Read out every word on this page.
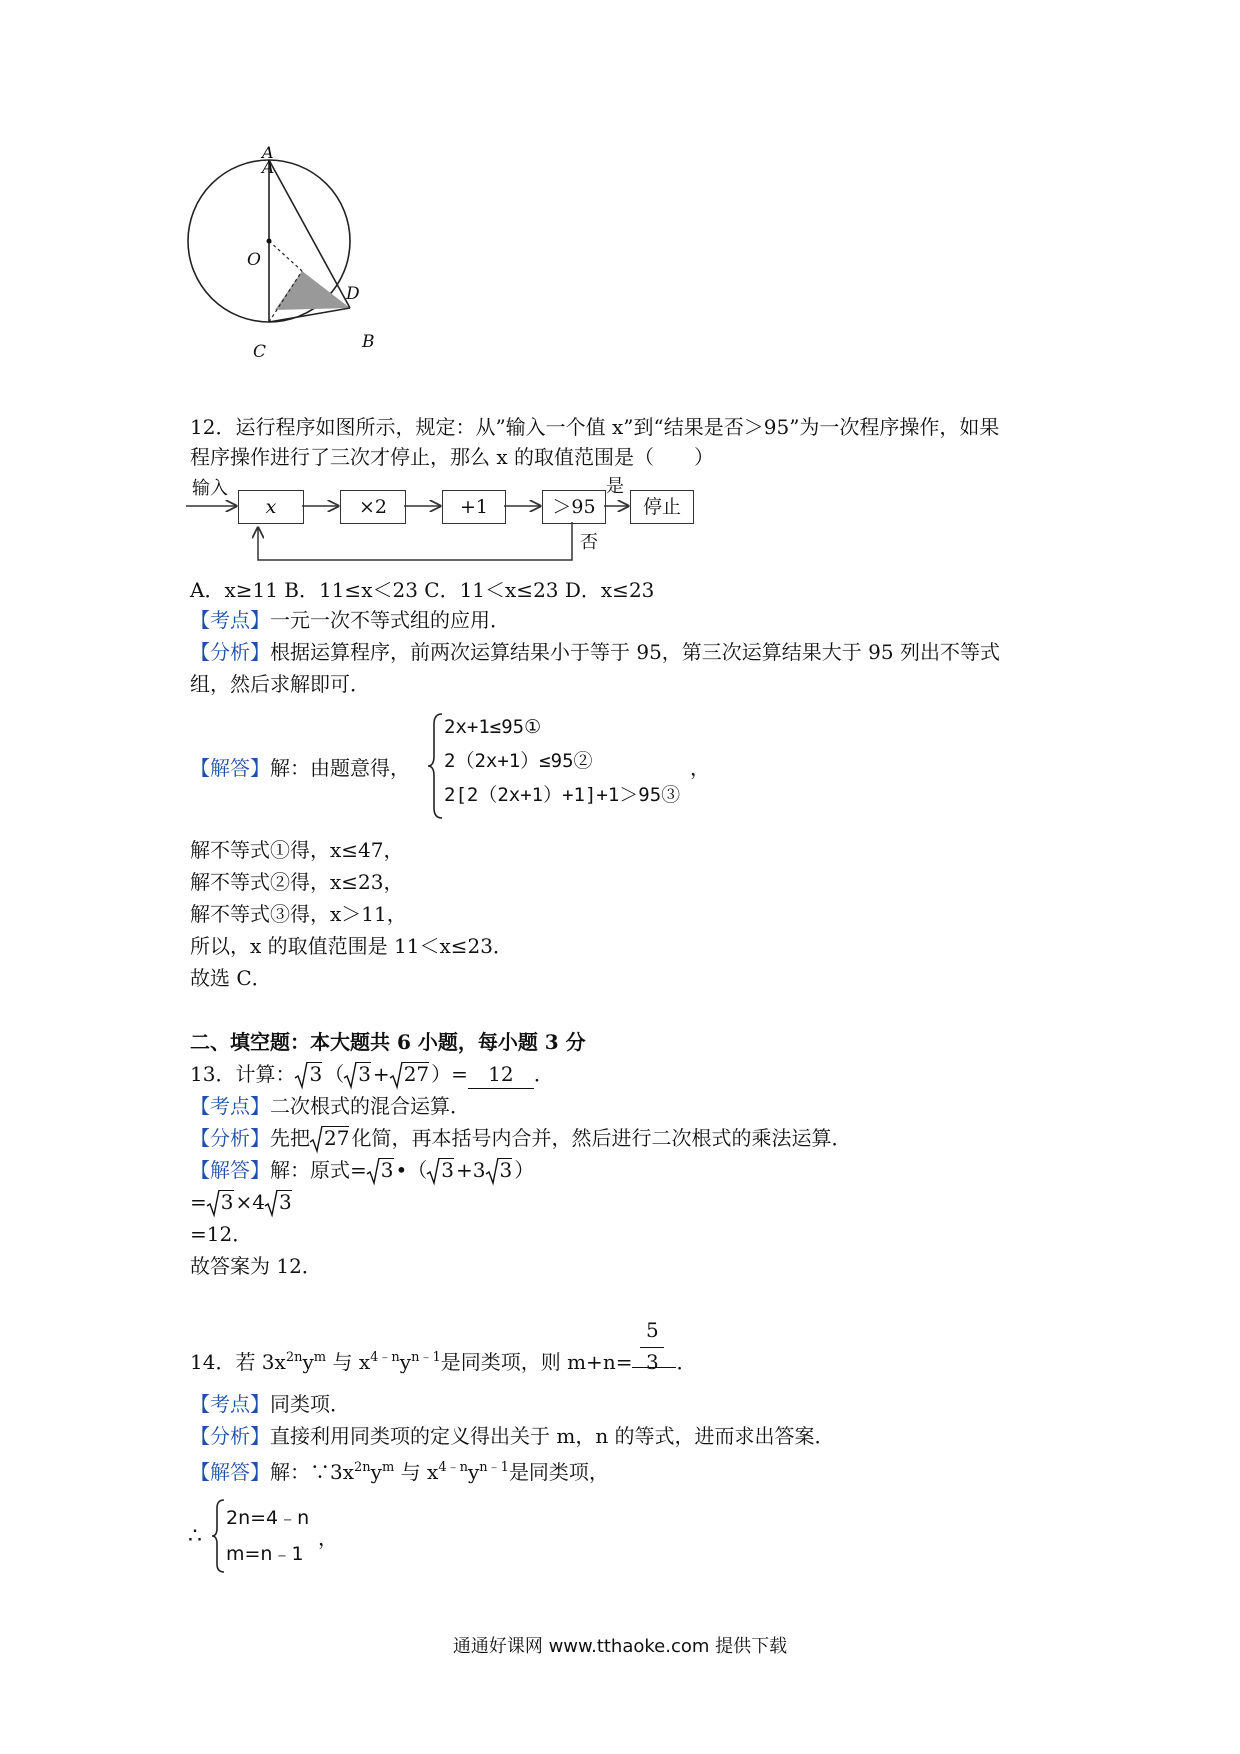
A
A
O
D
C	B
12．运行程序如图所示，规定：从”输入一个值 x”到“结果是否＞95”为一次程序操作，如果
程序操作进行了三次才停止，那么 x 的取值范围是（　　）
输入
x	×2	+1	＞95
是
停止
否
A．x≥11 B．11≤x＜23 C．11＜x≤23 D．x≤23
【考点】一元一次不等式组的应用．
【分析】根据运算程序，前两次运算结果小于等于 95，第三次运算结果大于 95 列出不等式
组，然后求解即可．
【解答】解：由题意得，
2x+1≤95①
2（2x+1）≤95②
2[2（2x+1）+1]+1＞95③
，
解不等式①得，x≤47，
解不等式②得，x≤23，
解不等式③得，x＞11，
所以，x 的取值范围是 11＜x≤23．
故选 C．
二、填空题：本大题共 6 小题，每小题 3 分
13．计算： 3 （ 3 + 27 ）= 12 ．
【考点】二次根式的混合运算．
【分析】先把 27 化简，再本括号内合并，然后进行二次根式的乘法运算．
【解答】解：原式= 3 •（ 3 +3 3 ）
= 3 ×4 3
=12．
故答案为 12．
14．若 $3x^{2n}y^m$ 与 $x^{4﹣n}y^{n﹣1}$是同类项，则 m+n= ．
5
3
【考点】同类项．
【分析】直接利用同类项的定义得出关于 m，n 的等式，进而求出答案．
【解答】解：$\because 3x^{2n}y^m$ 与 $x^{4﹣n}y^{n﹣1}$是同类项，
∴
2n=4﹣n
m=n﹣1
，
通通好课网 www.tthaoke.com 提供下载
